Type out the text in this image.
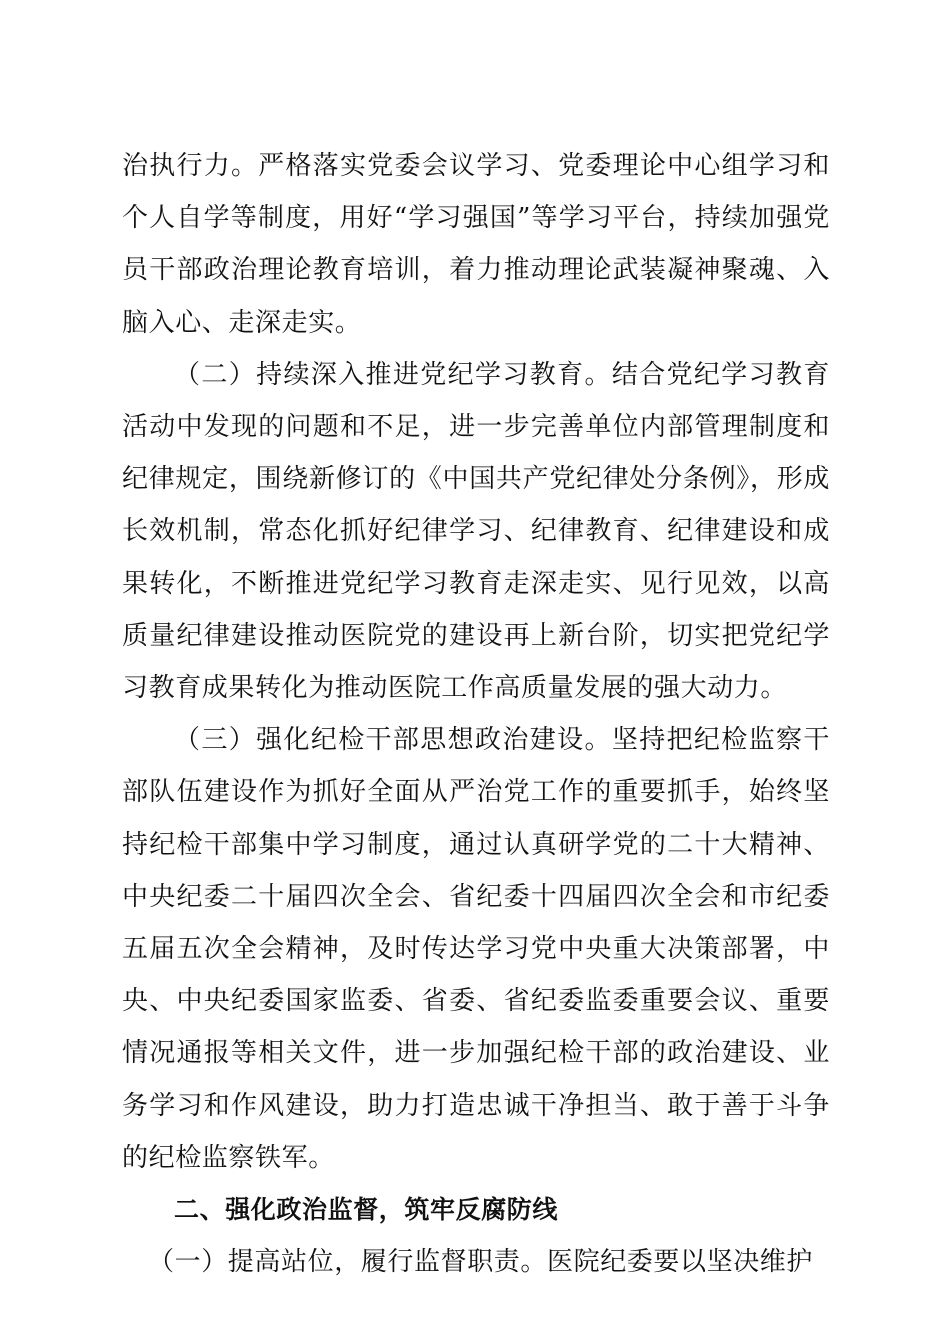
治执行力。严格落实党委会议学习、党委理论中心组学习和个人自学等制度，用好“学习强国”等学习平台，持续加强党员干部政治理论教育培训，着力推动理论武装凝神聚魂、入脑入心、走深走实。

（二）持续深入推进党纪学习教育。结合党纪学习教育活动中发现的问题和不足，进一步完善单位内部管理制度和纪律规定，围绕新修订的《中国共产党纪律处分条例》，形成长效机制，常态化抓好纪律学习、纪律教育、纪律建设和成果转化，不断推进党纪学习教育走深走实、见行见效，以高质量纪律建设推动医院党的建设再上新台阶，切实把党纪学习教育成果转化为推动医院工作高质量发展的强大动力。

（三）强化纪检干部思想政治建设。坚持把纪检监察干部队伍建设作为抓好全面从严治党工作的重要抓手，始终坚持纪检干部集中学习制度，通过认真研学党的二十大精神、中央纪委二十届四次全会、省纪委十四届四次全会和市纪委五届五次全会精神，及时传达学习党中央重大决策部署，中央、中央纪委国家监委、省委、省纪委监委重要会议、重要情况通报等相关文件，进一步加强纪检干部的政治建设、业务学习和作风建设，助力打造忠诚干净担当、敢于善于斗争的纪检监察铁军。

二、强化政治监督，筑牢反腐防线

（一）提高站位，履行监督职责。医院纪委要以坚决维护
